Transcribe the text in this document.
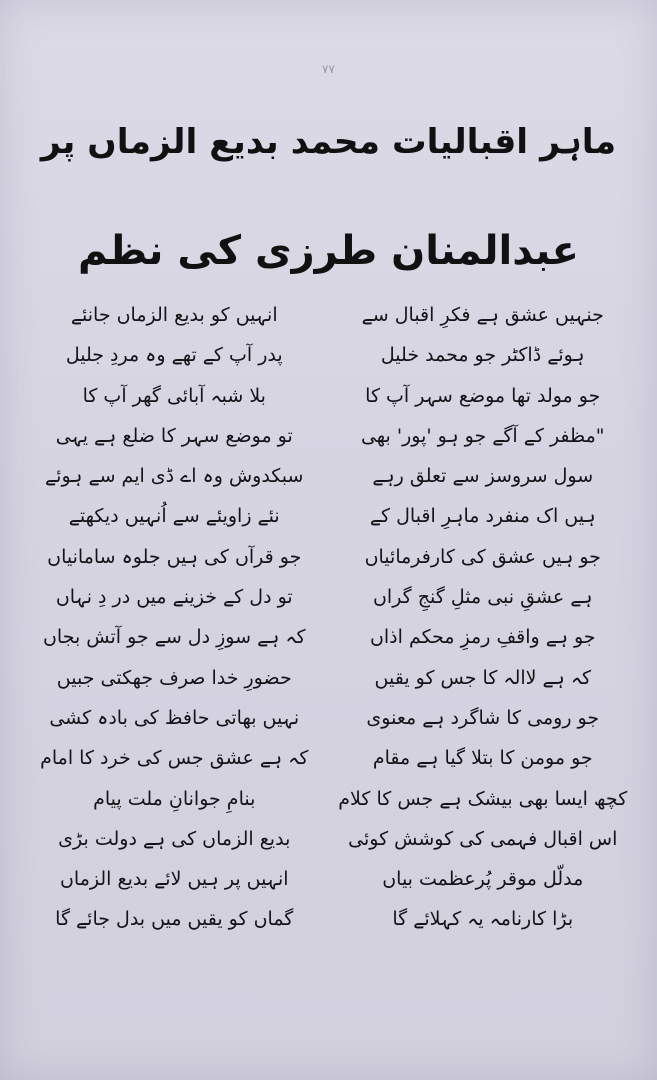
۷۷
ماہر اقبالیات محمد بدیع الزماں پر
عبدالمنان طرزی کی نظم
جنہیں عشق ہے فکرِ اقبال سے
ہوئے ڈاکٹر جو محمد خلیل
جو مولد تھا موضع سہر آپ کا
"مظفر کے آگے جو ہو 'پور' بھی
سول سروسز سے تعلق رہے
ہیں اک منفرد ماہرِ اقبال کے
جو ہیں عشق کی کارفرمائیاں
ہے عشقِ نبی مثلِ گنجِ گراں
جو ہے واقفِ رمزِ محکم اذاں
کہ ہے لاالہ کا جس کو یقیں
جو رومی کا شاگرد ہے معنوی
جو مومن کا بتلا گیا ہے مقام
کچھ ایسا بھی بیشک ہے جس کا کلام
اس اقبال فہمی کی کوشش کوئی
مدلّل موقر پُرعظمت بیاں
بڑا کارنامہ یہ کہلائے گا
انہیں کو بدیع الزماں جانئے
پدر آپ کے تھے وہ مردِ جلیل
بلا شبہ آبائی گھر آپ کا
تو موضع سہر کا ضلع ہے یہی
سبکدوش وہ اے ڈی ایم سے ہوئے
نئے زاویئے سے اُنہیں دیکھتے
جو قرآں کی ہیں جلوہ سامانیاں
تو دل کے خزینے میں در دِ نہاں
کہ ہے سوزِ دل سے جو آتش بجاں
حضورِ خدا صرف جھکتی جبیں
نہیں بھاتی حافظ کی بادہ کشی
کہ ہے عشق جس کی خرد کا امام
بنامِ جوانانِ ملت پیام
بدیع الزماں کی ہے دولت بڑی
انہیں پر ہیں لائے بدیع الزماں
گماں کو یقیں میں بدل جائے گا
